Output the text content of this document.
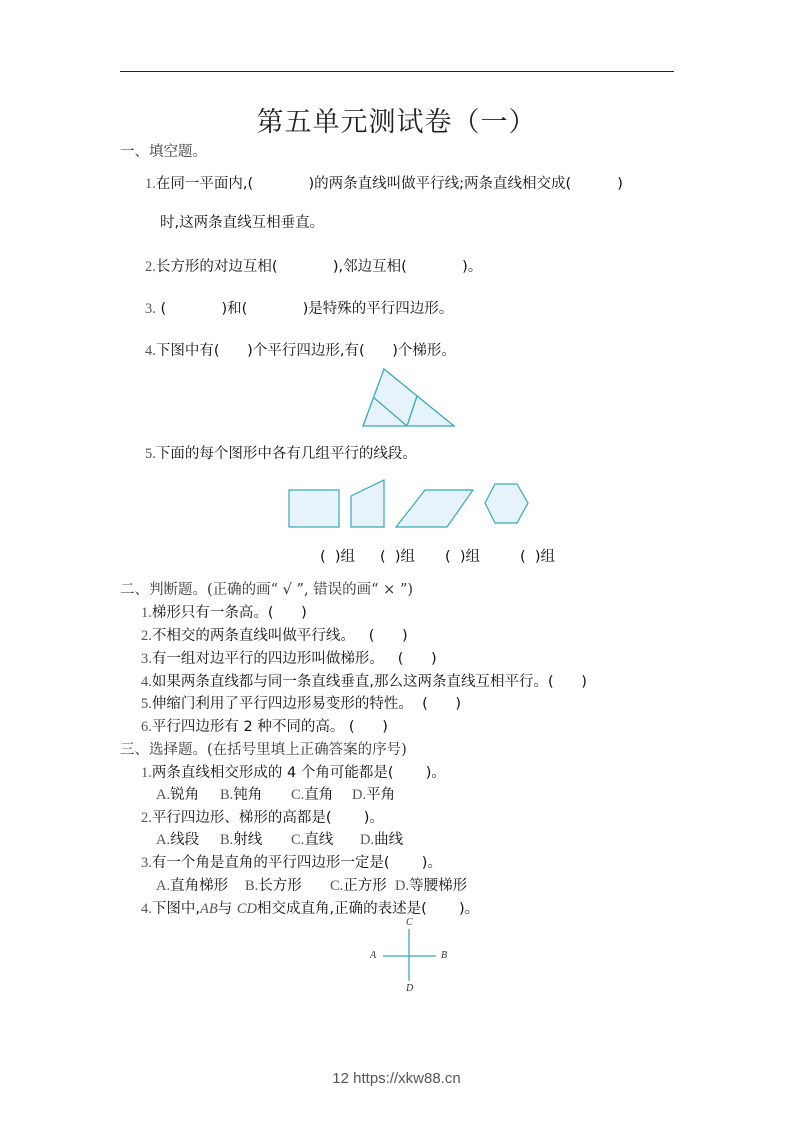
第五单元测试卷（一）
一、填空题。
1.在同一平面内,(            )的两条直线叫做平行线;两条直线相交成(          )
时,这两条直线互相垂直。
2.长方形的对边互相(            ),邻边互相(            )。
3. (            )和(            )是特殊的平行四边形。
4.下图中有(      )个平行四边形,有(      )个梯形。
5.下面的每个图形中各有几组平行的线段。
(  )组 (  )组 (  )组	(  )组
二、判断题。(正确的画“ √ ”, 错误的画“ × ”)
1.梯形只有一条高。(      )
2.不相交的两条直线叫做平行线。   (      )
3.有一组对边平行的四边形叫做梯形。   (      )
4.如果两条直线都与同一条直线垂直,那么这两条直线互相平行。(      )
5.伸缩门利用了平行四边形易变形的特性。  (      )
6.平行四边形有 2 种不同的高。 (      )
三、选择题。(在括号里填上正确答案的序号)
1.两条直线相交形成的 4 个角可能都是(       )。
A.锐角 B.钝角 C.直角 D.平角
2.平行四边形、梯形的高都是(       )。
A.线段 B.射线 C.直线 D.曲线
3.有一个角是直角的平行四边形一定是(       )。
A.直角梯形 B.长方形 C.正方形 D.等腰梯形
4.下图中,AB与 CD相交成直角,正确的表述是(       )。
C
A	B
D
12 https://xkw88.cn
